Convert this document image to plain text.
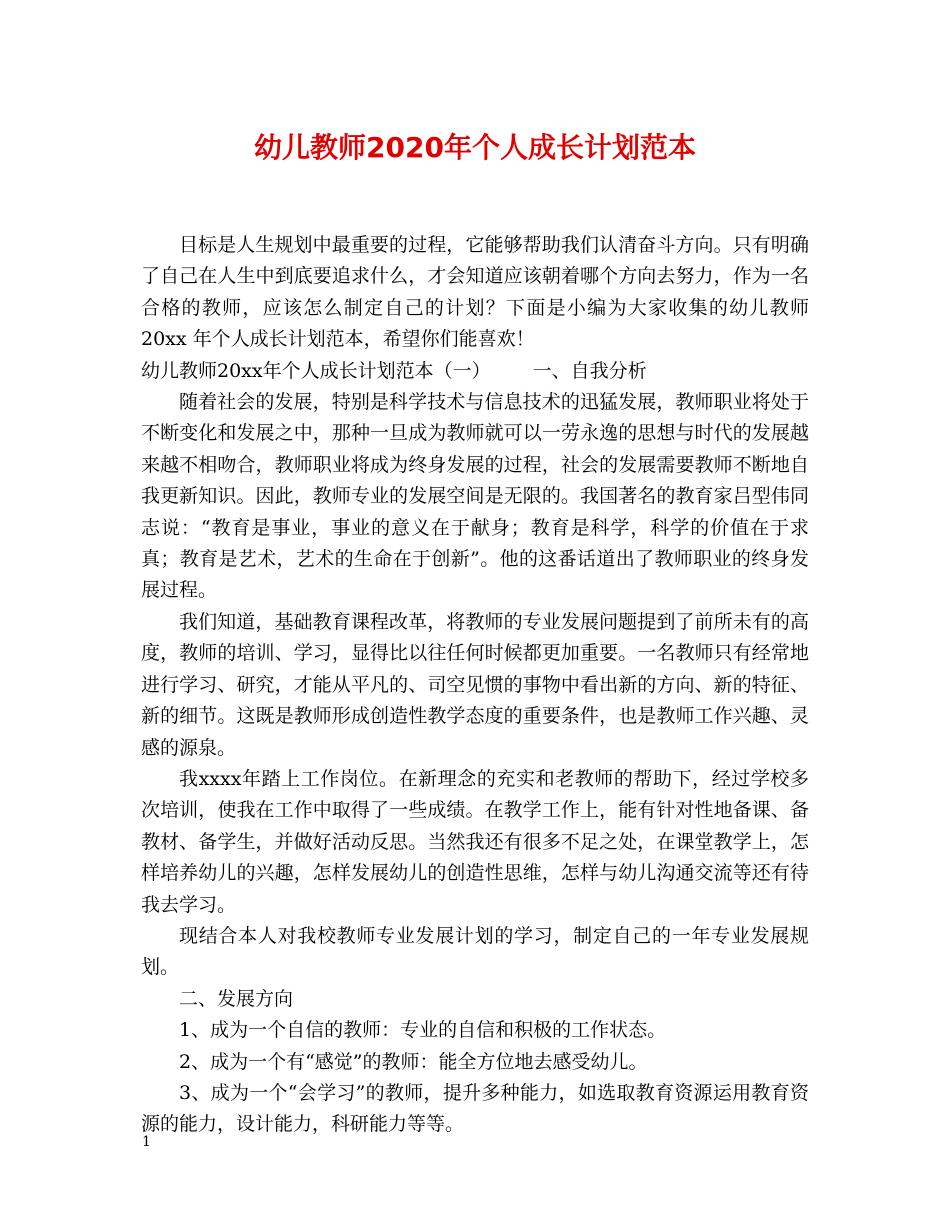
幼儿教师2020年个人成长计划范本

目标是人生规划中最重要的过程，它能够帮助我们认清奋斗方向。只有明确了自己在人生中到底要追求什么，才会知道应该朝着哪个方向去努力，作为一名合格的教师，应该怎么制定自己的计划？下面是小编为大家收集的幼儿教师 20xx 年个人成长计划范本，希望你们能喜欢！

幼儿教师20xx年个人成长计划范本（一） 一、自我分析

随着社会的发展，特别是科学技术与信息技术的迅猛发展，教师职业将处于不断变化和发展之中，那种一旦成为教师就可以一劳永逸的思想与时代的发展越来越不相吻合，教师职业将成为终身发展的过程，社会的发展需要教师不断地自我更新知识。因此，教师专业的发展空间是无限的。我国著名的教育家吕型伟同志说：“教育是事业，事业的意义在于献身；教育是科学，科学的价值在于求真；教育是艺术，艺术的生命在于创新”。他的这番话道出了教师职业的终身发展过程。

我们知道，基础教育课程改革，将教师的专业发展问题提到了前所未有的高度，教师的培训、学习，显得比以往任何时候都更加重要。一名教师只有经常地进行学习、研究，才能从平凡的、司空见惯的事物中看出新的方向、新的特征、新的细节。这既是教师形成创造性教学态度的重要条件，也是教师工作兴趣、灵感的源泉。

我xxxx年踏上工作岗位。在新理念的充实和老教师的帮助下，经过学校多次培训，使我在工作中取得了一些成绩。在教学工作上，能有针对性地备课、备教材、备学生，并做好活动反思。当然我还有很多不足之处，在课堂教学上，怎样培养幼儿的兴趣，怎样发展幼儿的创造性思维，怎样与幼儿沟通交流等还有待我去学习。

现结合本人对我校教师专业发展计划的学习，制定自己的一年专业发展规划。

二、发展方向

1、成为一个自信的教师：专业的自信和积极的工作状态。

2、成为一个有“感觉”的教师：能全方位地去感受幼儿。

3、成为一个“会学习”的教师，提升多种能力，如选取教育资源运用教育资源的能力，设计能力，科研能力等等。

1
